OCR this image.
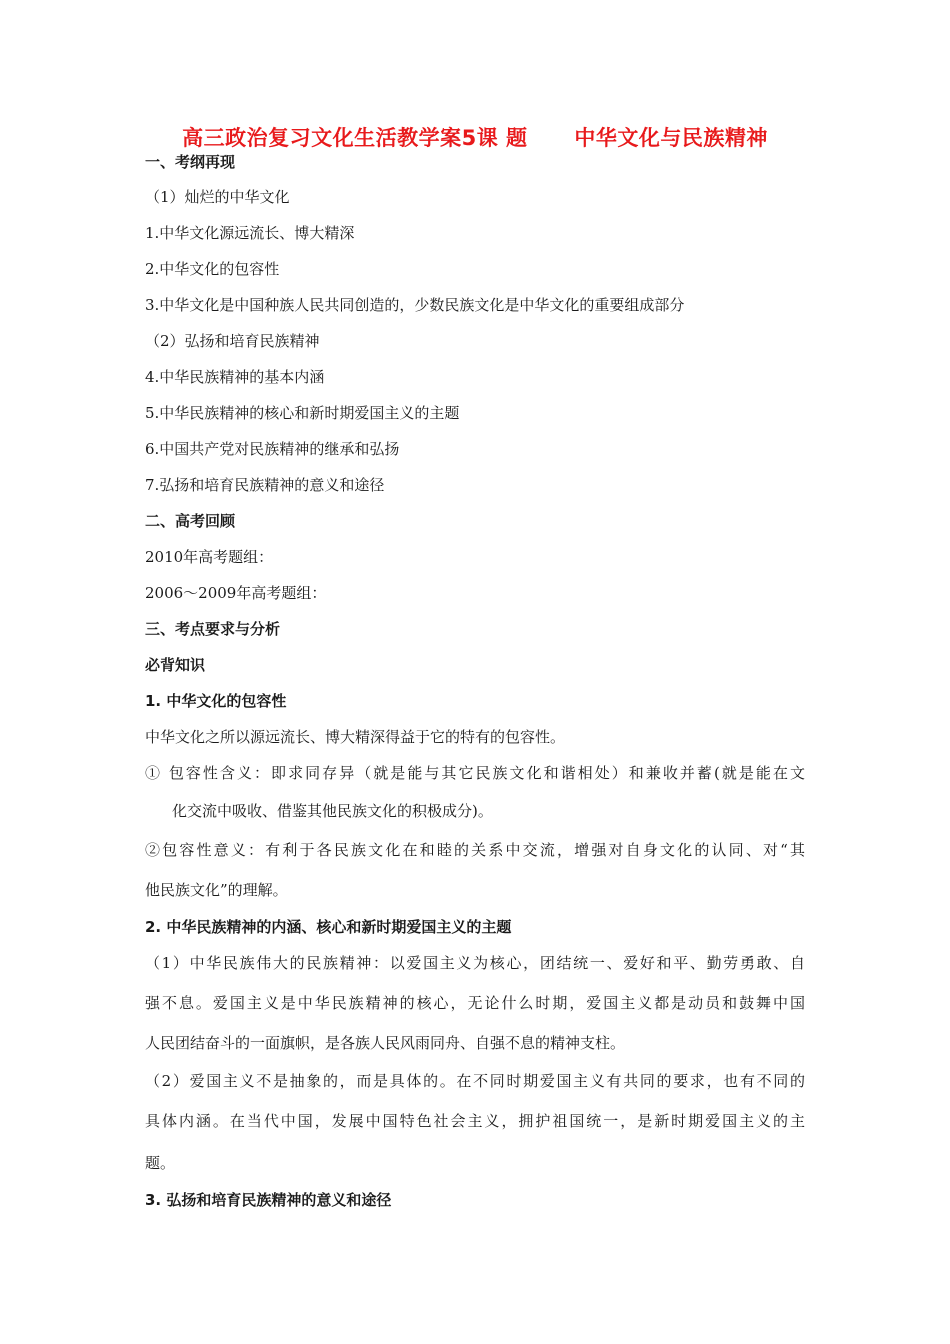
高三政治复习文化生活教学案5课 题      中华文化与民族精神
一、考纲再现
（1）灿烂的中华文化
1.中华文化源远流长、博大精深
2.中华文化的包容性
3.中华文化是中国种族人民共同创造的，少数民族文化是中华文化的重要组成部分
（2）弘扬和培育民族精神
4.中华民族精神的基本内涵
5.中华民族精神的核心和新时期爱国主义的主题
6.中国共产党对民族精神的继承和弘扬
7.弘扬和培育民族精神的意义和途径
二、高考回顾
2010年高考题组：
2006～2009年高考题组：
三、考点要求与分析
必背知识
1. 中华文化的包容性
中华文化之所以源远流长、博大精深得益于它的特有的包容性。
① 包容性含义：即求同存异（就是能与其它民族文化和谐相处）和兼收并蓄(就是能在文
化交流中吸收、借鉴其他民族文化的积极成分)。
②包容性意义：有利于各民族文化在和睦的关系中交流，增强对自身文化的认同、对“其
他民族文化”的理解。
2. 中华民族精神的内涵、核心和新时期爱国主义的主题
（1）中华民族伟大的民族精神：以爱国主义为核心，团结统一、爱好和平、勤劳勇敢、自
强不息。爱国主义是中华民族精神的核心，无论什么时期，爱国主义都是动员和鼓舞中国
人民团结奋斗的一面旗帜，是各族人民风雨同舟、自强不息的精神支柱。
（2）爱国主义不是抽象的，而是具体的。在不同时期爱国主义有共同的要求，也有不同的
具体内涵。在当代中国，发展中国特色社会主义，拥护祖国统一，是新时期爱国主义的主
题。
3. 弘扬和培育民族精神的意义和途径
